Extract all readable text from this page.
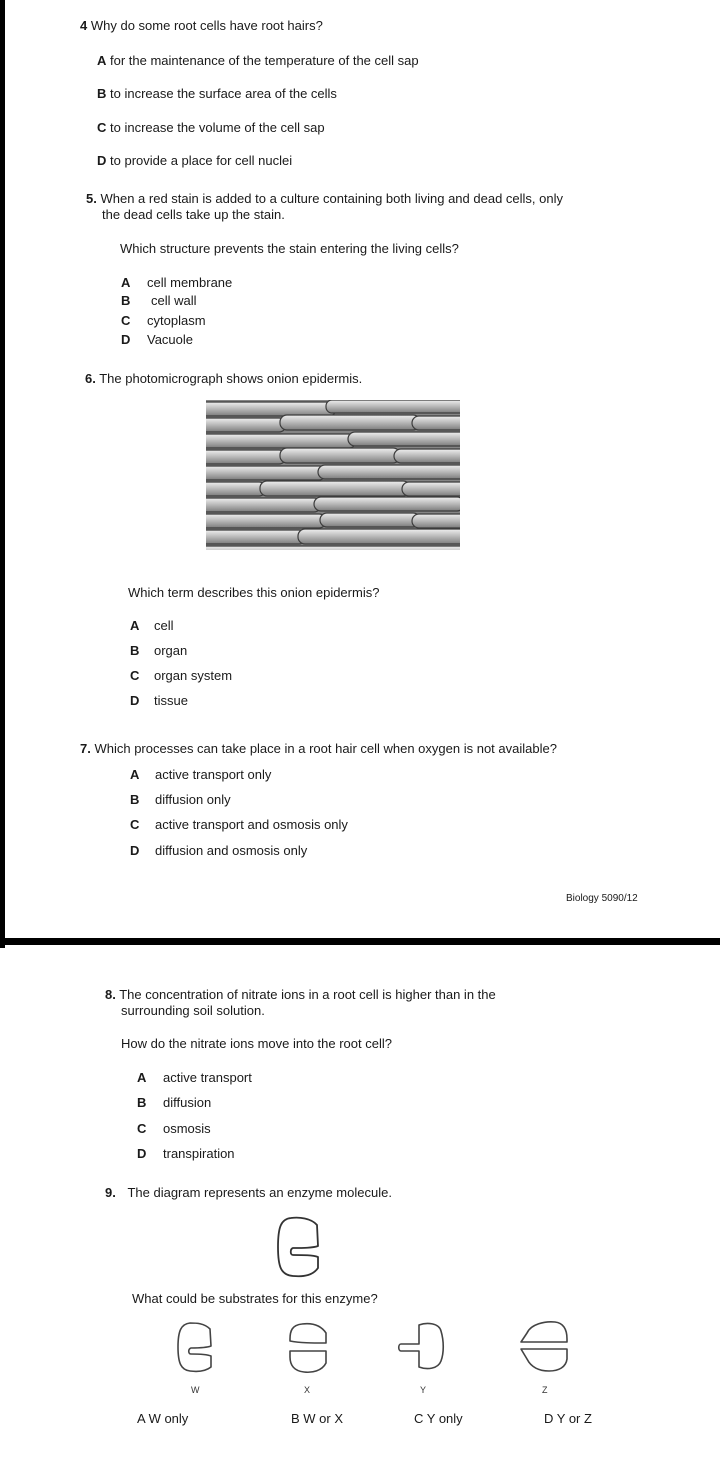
4 Why do some root cells have root hairs?
A for the maintenance of the temperature of the cell sap
B to increase the surface area of the cells
C to increase the volume of the cell sap
D to provide a place for cell nuclei
5. When a red stain is added to a culture containing both living and dead cells, only
the dead cells take up the stain.
Which structure prevents the stain entering the living cells?
A cell membrane
B cell wall
C cytoplasm
D Vacuole
6. The photomicrograph shows onion epidermis.
Which term describes this onion epidermis?
A cell
B organ
C organ system
D tissue
7. Which processes can take place in a root hair cell when oxygen is not available?
A active transport only
B diffusion only
C active transport and osmosis only
D diffusion and osmosis only
Biology 5090/12
8. The concentration of nitrate ions in a root cell is higher than in the
surrounding soil solution.
How do the nitrate ions move into the root cell?
A active transport
B diffusion
C osmosis
D transpiration
9. The diagram represents an enzyme molecule.
What could be substrates for this enzyme?
W	X	Y	Z
A W only	B W or X	C Y only	D Y or Z
